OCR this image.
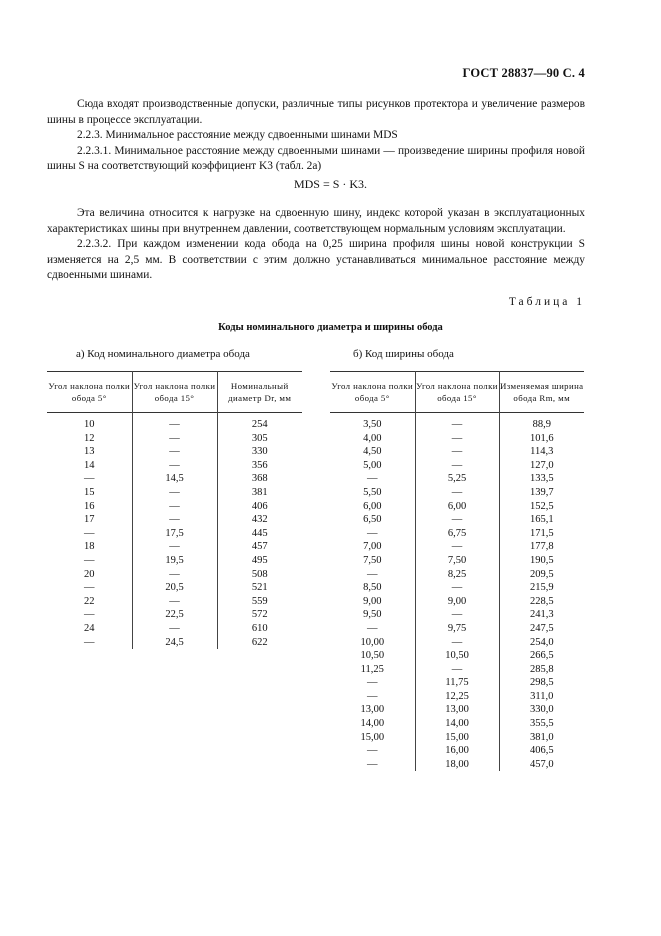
ГОСТ 28837—90 С. 4

Сюда входят производственные допуски, различные типы рисунков протектора и увеличение размеров шины в процессе эксплуатации.

2.2.3. Минимальное расстояние между сдвоенными шинами MDS

2.2.3.1. Минимальное расстояние между сдвоенными шинами — произведение ширины профиля новой шины S на соответствующий коэффициент K3 (табл. 2а)

MDS = S · K3.

Эта величина относится к нагрузке на сдвоенную шину, индекс которой указан в эксплуатационных характеристиках шины при внутреннем давлении, соответствующем нормальным условиям эксплуатации.

2.2.3.2. При каждом изменении кода обода на 0,25 ширина профиля шины новой конструкции S изменяется на 2,5 мм. В соответствии с этим должно устанавливаться минимальное расстояние между сдвоенными шинами.

Таблица 1
Коды номинального диаметра и ширины обода
а) Код номинального диаметра обода	б) Код ширины обода
Угол наклона полки обода 5°	Угол наклона полки обода 15°	Номинальный диаметр Dr, мм
10	—	254
12	—	305
13	—	330
14	—	356
—	14,5	368
15	—	381
16	—	406
17	—	432
—	17,5	445
18	—	457
—	19,5	495
20	—	508
—	20,5	521
22	—	559
—	22,5	572
24	—	610
—	24,5	622
Угол наклона полки обода 5°	Угол наклона полки обода 15°	Изменяемая ширина обода Rm, мм
3,50	—	88,9
4,00	—	101,6
4,50	—	114,3
5,00	—	127,0
—	5,25	133,5
5,50	—	139,7
6,00	6,00	152,5
6,50	—	165,1
—	6,75	171,5
7,00	—	177,8
7,50	7,50	190,5
—	8,25	209,5
8,50	—	215,9
9,00	9,00	228,5
9,50	—	241,3
—	9,75	247,5
10,00	—	254,0
10,50	10,50	266,5
11,25	—	285,8
—	11,75	298,5
—	12,25	311,0
13,00	13,00	330,0
14,00	14,00	355,5
15,00	15,00	381,0
—	16,00	406,5
—	18,00	457,0
